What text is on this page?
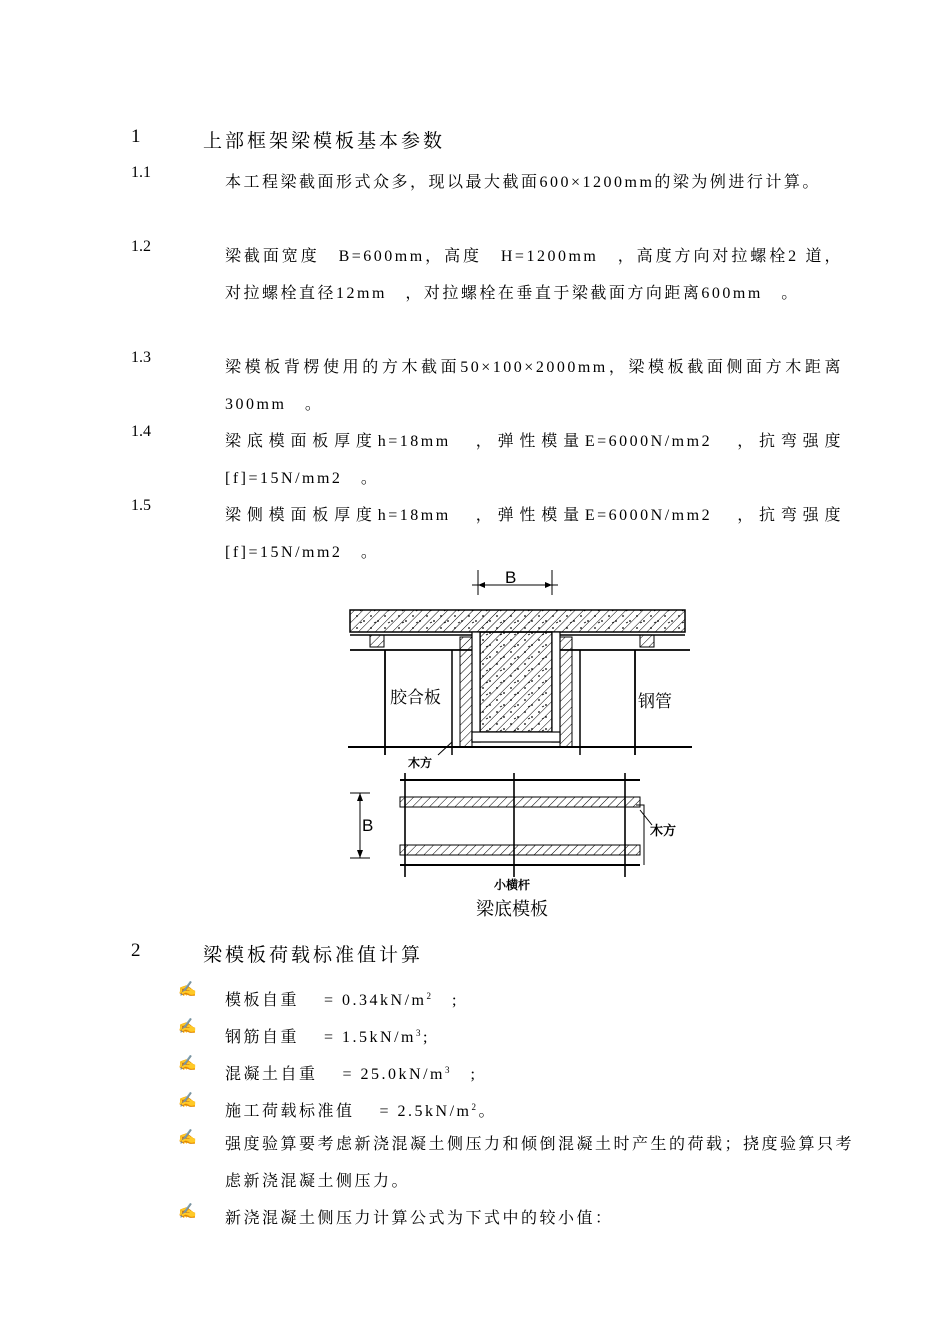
1	上部框架梁模板基本参数
1.1
本工程梁截面形式众多，现以最大截面600×1200mm的梁为例进行计算。
1.2
梁截面宽度　B=600mm，高度　H=1200mm　，高度方向对拉螺栓2 道，对拉螺栓直径12mm　，对拉螺栓在垂直于梁截面方向距离600mm　。
1.3
梁模板背楞使用的方木截面50×100×2000mm，梁模板截面侧面方木距离300mm　。
1.4
梁底模面板厚度h=18mm　，弹性模量E=6000N/mm2　，抗弯强度[f]=15N/mm2　。
1.5
梁侧模面板厚度h=18mm　，弹性模量E=6000N/mm2　，抗弯强度[f]=15N/mm2　。
胶合板	钢管
木方
B
B	木方
小横杆
梁底模板
2	梁模板荷载标准值计算
✍
模板自重　 = $0.34kN/m^2$　;
✍
钢筋自重　 = $1.5kN/m^3$;
✍
混凝土自重　 = $25.0kN/m^3$　;
✍
施工荷载标准值　 = $2.5kN/m^2$。
✍ 强度验算要考虑新浇混凝土侧压力和倾倒混凝土时产生的荷载；挠度验算只考虑新浇混凝土侧压力。
✍ 新浇混凝土侧压力计算公式为下式中的较小值：
